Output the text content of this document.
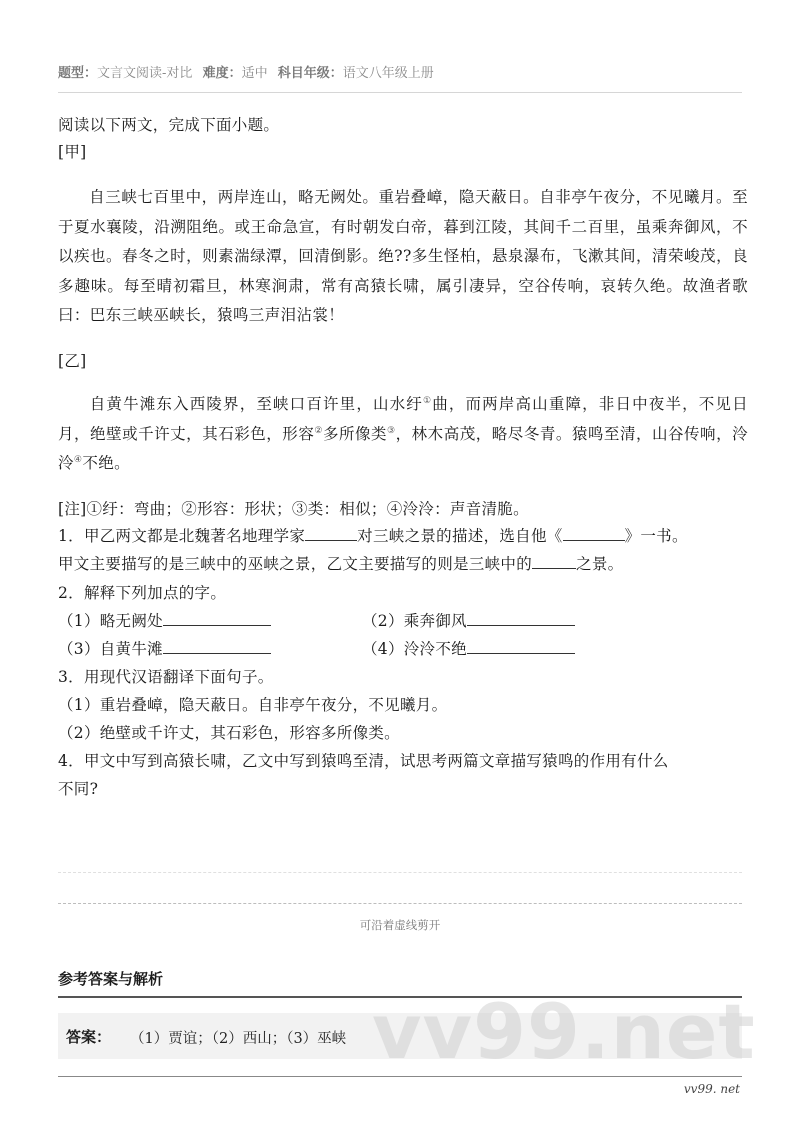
题型：文言文阅读-对比 难度：适中 科目年级：语文八年级上册
阅读以下两文，完成下面小题。
[甲]
自三峡七百里中，两岸连山，略无阙处。重岩叠嶂，隐天蔽日。自非亭午夜分，不见曦月。至于夏水襄陵，沿溯阻绝。或王命急宣，有时朝发白帝，暮到江陵，其间千二百里，虽乘奔御风，不以疾也。春冬之时，则素湍绿潭，回清倒影。绝??多生怪柏，悬泉瀑布，飞漱其间，清荣峻茂，良多趣味。每至晴初霜旦，林寒涧肃，常有高猿长啸，属引凄异，空谷传响，哀转久绝。故渔者歌曰：巴东三峡巫峡长，猿鸣三声泪沾裳！
[乙]
自黄牛滩东入西陵界，至峡口百许里，山水纡①曲，而两岸高山重障，非日中夜半，不见日月，绝壁或千许丈，其石彩色，形容②多所像类③，林木高茂，略尽冬青。猿鸣至清，山谷传响，泠泠④不绝。
[注]①纡：弯曲；②形容：形状；③类：相似；④泠泠：声音清脆。
1．甲乙两文都是北魏著名地理学家	对三峡之景的描述，选自他《	》一书。
甲文主要描写的是三峡中的巫峡之景，乙文主要描写的则是三峡中的	之景。
2．解释下列加点的字。
（1）略无阙处	（2）乘奔御风
（3）自黄牛滩	（4）泠泠不绝
3．用现代汉语翻译下面句子。
（1）重岩叠嶂，隐天蔽日。自非亭午夜分，不见曦月。
（2）绝壁或千许丈，其石彩色，形容多所像类。
4．甲文中写到高猿长啸，乙文中写到猿鸣至清，试思考两篇文章描写猿鸣的作用有什么
不同?
可沿着虚线剪开
参考答案与解析
答案： （1）贾谊；（2）西山；（3）巫峡 vv99.net
vv99. net
